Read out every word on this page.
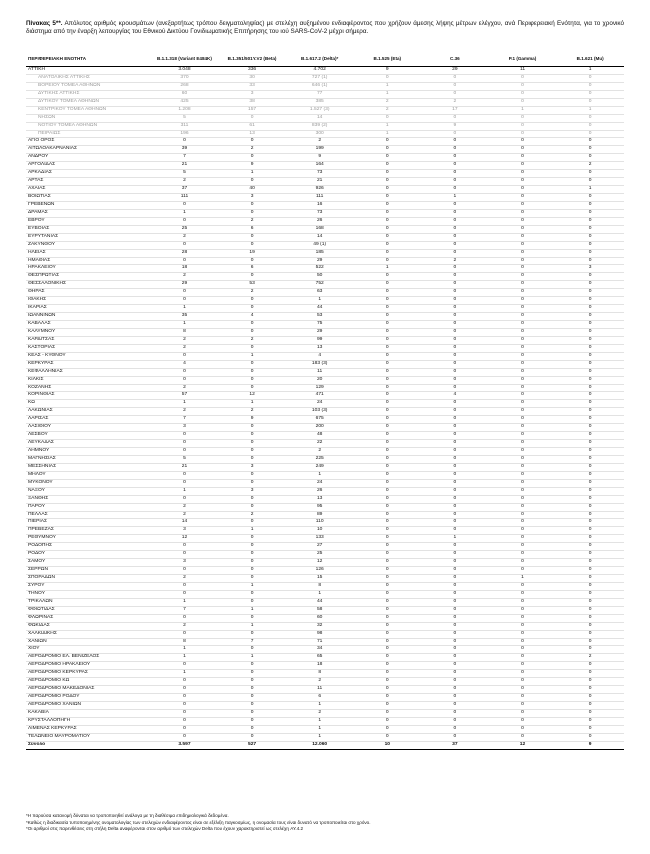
Πίνακας 5**. Απόλυτος αριθμός κρουσμάτων (ανεξαρτήτως τρόπου δειγματοληψίας) με στελέχη αυξημένου ενδιαφέροντος που χρήζουν άμεσης λήψης μέτρων ελέγχου, ανά Περιφερειακή Ενότητα, για το χρονικό διάστημα από την έναρξη λειτουργίας του Εθνικού Δικτύου Γονιδιωματικής Επιτήρησης του ιού SARS-CoV-2 μέχρι σήμερα.
ΠΕΡΙΦΕΡΕΙΑΚΗ ΕΝΟΤΗΤΑ	B.1.1.318 (Variant E484K)	B.1.351/501Y.V2 (Beta)	B.1.617.2 (Delta)*	B.1.525 (Eta)	C.36	P.1 (Gamma)	B.1.621 (Mu)
ΑΤΤΙΚΗ	3.048	336	4.702	9	29	11	1
ΑΝΑΤΟΛΙΚΗΣ ΑΤΤΙΚΗΣ	370	30	727 (1)	0	0	0	0
ΒΟΡΕΙΟΥ ΤΟΜΕΑ ΑΘΗΝΩΝ	268	33	646 (1)	1	0	0	0
ΔΥΤΙΚΗΣ ΑΤΤΙΚΗΣ	60	3	77	1	0	0	0
ΔΥΤΙΚΟΥ ΤΟΜΕΑ ΑΘΗΝΩΝ	425	38	385	2	2	0	0
ΚΕΝΤΡΙΚΟΥ ΤΟΜΕΑ ΑΘΗΝΩΝ	1.208	157	1.527 (3)	2	17	1	1
ΝΗΣΩΝ	5	0	14	0	0	0	0
ΝΟΤΙΟΥ ΤΟΜΕΑ ΑΘΗΝΩΝ	311	61	839 (2)	1	9	0	0
ΠΕΙΡΑΙΩΣ	196	13	300	1	0	0	0
ΑΓΙΟ ΟΡΟΣ	0	0	2	0	0	0	0
ΑΙΤΩΛΟΑΚΑΡΝΑΝΙΑΣ	39	2	199	0	0	0	0
ΑΝΔΡΟΥ	7	0	9	0	0	0	0
ΑΡΓΟΛΙΔΑΣ	21	9	164	0	0	0	2
ΑΡΚΑΔΙΑΣ	5	1	73	0	0	0	0
ΑΡΤΑΣ	2	0	21	0	0	0	0
ΑΧΑΪΑΣ	37	40	926	0	0	0	1
ΒΟΙΩΤΙΑΣ	111	3	111	0	1	0	0
ΓΡΕΒΕΝΩΝ	0	0	16	0	0	0	0
ΔΡΑΜΑΣ	1	0	73	0	0	0	0
ΕΒΡΟΥ	0	2	26	0	0	0	0
ΕΥΒΟΙΑΣ	25	6	168	0	0	0	0
ΕΥΡΥΤΑΝΙΑΣ	2	0	14	0	0	0	0
ΖΑΚΥΝΘΟΥ	0	0	49 (1)	0	0	0	0
ΗΛΕΙΑΣ	28	19	185	0	0	0	0
ΗΜΑΘΙΑΣ	0	0	29	0	2	0	0
ΗΡΑΚΛΕΙΟΥ	18	6	522	1	0	0	3
ΘΕΣΠΡΩΤΙΑΣ	2	0	50	0	0	0	0
ΘΕΣΣΑΛΟΝΙΚΗΣ	29	53	752	0	0	0	0
ΘΗΡΑΣ	0	2	63	0	0	0	0
ΙΘΑΚΗΣ	0	0	1	0	0	0	0
ΙΚΑΡΙΑΣ	1	0	44	0	0	0	0
ΙΩΑΝΝΙΝΩΝ	35	4	53	0	0	0	0
ΚΑΒΑΛΑΣ	1	0	75	0	0	0	0
ΚΑΛΥΜΝΟΥ	8	0	29	0	0	0	0
ΚΑΡΔΙΤΣΑΣ	2	2	99	0	0	0	0
ΚΑΣΤΟΡΙΑΣ	2	0	13	0	0	0	0
ΚΕΑΣ - ΚΥΘΝΟΥ	0	1	4	0	0	0	0
ΚΕΡΚΥΡΑΣ	4	0	183 (3)	0	0	0	0
ΚΕΦΑΛΛΗΝΙΑΣ	0	0	11	0	0	0	0
ΚΙΛΚΙΣ	0	0	20	0	0	0	0
ΚΟΖΑΝΗΣ	2	0	129	0	0	0	0
ΚΟΡΙΝΘΙΑΣ	57	12	471	0	4	0	0
ΚΩ	1	1	24	0	0	0	0
ΛΑΚΩΝΙΑΣ	2	2	103 (3)	0	0	0	0
ΛΑΡΙΣΑΣ	7	9	675	0	0	0	0
ΛΑΣΙΘΙΟΥ	3	0	200	0	0	0	0
ΛΕΣΒΟΥ	0	0	48	0	0	0	0
ΛΕΥΚΑΔΑΣ	0	0	22	0	0	0	0
ΛΗΜΝΟΥ	0	0	2	0	0	0	0
ΜΑΓΝΗΣΙΑΣ	5	0	225	0	0	0	0
ΜΕΣΣΗΝΙΑΣ	21	3	249	0	0	0	0
ΜΗΛΟΥ	0	0	1	0	0	0	0
ΜΥΚΟΝΟΥ	0	0	24	0	0	0	0
ΝΑΞΟΥ	1	3	26	0	0	0	0
ΞΑΝΘΗΣ	0	0	13	0	0	0	0
ΠΑΡΟΥ	2	0	95	0	0	0	0
ΠΕΛΛΑΣ	2	2	89	0	0	0	0
ΠΙΕΡΙΑΣ	14	0	110	0	0	0	0
ΠΡΕΒΕΖΑΣ	3	1	10	0	0	0	0
ΡΕΘΥΜΝΟΥ	12	0	133	0	1	0	0
ΡΟΔΟΠΗΣ	0	0	27	0	0	0	0
ΡΟΔΟΥ	0	0	25	0	0	0	0
ΣΑΜΟΥ	3	0	12	0	0	0	0
ΣΕΡΡΩΝ	0	0	126	0	0	0	0
ΣΠΟΡΑΔΩΝ	2	0	15	0	0	1	0
ΣΥΡΟΥ	0	1	8	0	0	0	0
ΤΗΝΟΥ	0	0	1	0	0	0	0
ΤΡΙΚΑΛΩΝ	1	0	44	0	0	0	0
ΦΘΙΩΤΙΔΑΣ	7	1	58	0	0	0	0
ΦΛΩΡΙΝΑΣ	0	0	60	0	0	0	0
ΦΩΚΙΔΑΣ	2	1	32	0	0	0	0
ΧΑΛΚΙΔΙΚΗΣ	0	0	98	0	0	0	0
ΧΑΝΙΩΝ	8	7	71	0	0	0	0
ΧΙΟΥ	1	0	34	0	0	0	0
ΑΕΡΟΔΡΟΜΙΟ ΕΛ. ΒΕΝΙΖΕΛΟΣ	1	1	65	0	0	0	2
ΑΕΡΟΔΡΟΜΙΟ ΗΡΑΚΛΕΙΟΥ	0	0	18	0	0	0	0
ΑΕΡΟΔΡΟΜΙΟ ΚΕΡΚΥΡΑΣ	1	0	8	0	0	0	0
ΑΕΡΟΔΡΟΜΙΟ ΚΩ	0	0	2	0	0	0	0
ΑΕΡΟΔΡΟΜΙΟ ΜΑΚΕΔΟΝΙΑΣ	0	0	11	0	0	0	0
ΑΕΡΟΔΡΟΜΙΟ ΡΟΔΟΥ	0	0	6	0	0	0	0
ΑΕΡΟΔΡΟΜΙΟ ΧΑΝΙΩΝ	0	0	1	0	0	0	0
ΚΑΚΑΒΙΑ	0	0	2	0	0	0	0
ΚΡΥΣΤΑΛΛΟΠΗΓΗ	0	0	1	0	0	0	0
ΛΙΜΕΝΑΣ ΚΕΡΚΥΡΑΣ	0	0	1	0	0	0	0
ΤΕΛΩΝΕΙΟ ΜΑΥΡΟΜΑΤΙΟΥ	0	0	1	0	0	0	0
Σύνολο	3.597	527	12.060	10	37	12	9
*Η παρούσα κατανομή δύναται να τροποποιηθεί ανάλογα με τη διαθέσιμα επιδημιολογικά δεδομένα.
*Καθώς η διαδικασία τυποποιημένης ονοματολογίας των στελεχών ενδιαφέροντος είναι σε εξέλιξη παγκοσμίως, η ονομασία τους είναι δυνατό να τροποποιείται στο χρόνο.
*Οι αριθμοί στις παρενθέσεις στη στήλη Delta αναφέρονται στον αριθμό των στελεχών Delta που έχουν χαρακτηριστεί ως στελέχη AY.4.2
